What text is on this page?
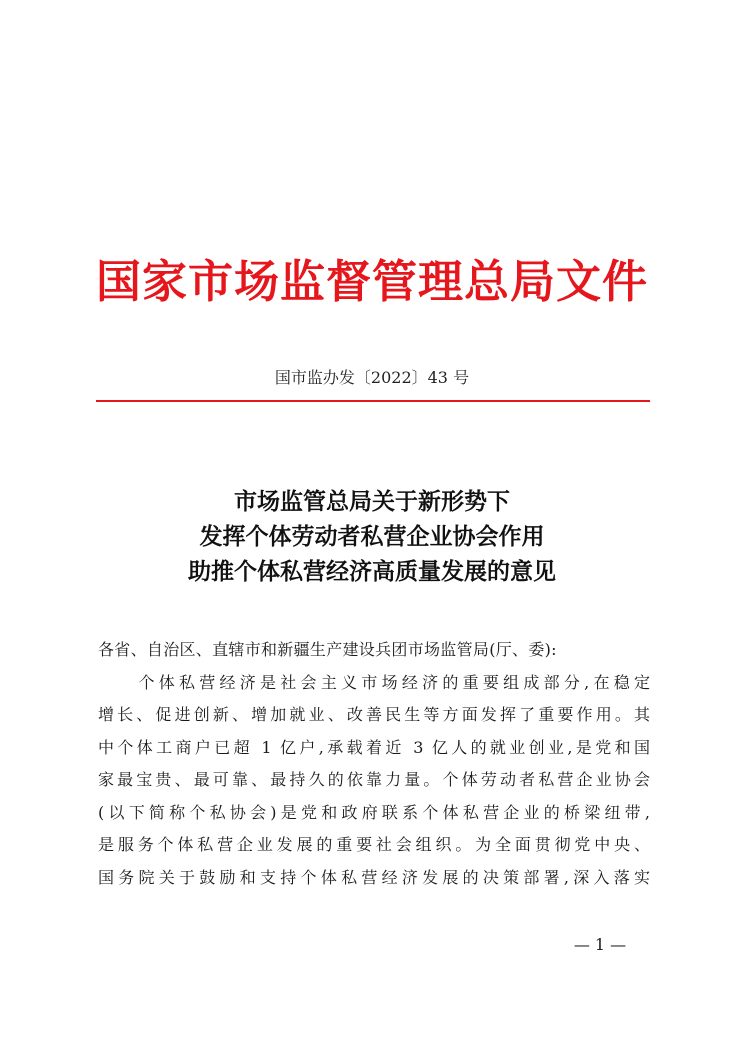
国家市场监督管理总局文件
国市监办发〔2022〕43 号
市场监管总局关于新形势下
发挥个体劳动者私营企业协会作用
助推个体私营经济高质量发展的意见
各省、自治区、直辖市和新疆生产建设兵团市场监管局(厅、委):
　　个体私营经济是社会主义市场经济的重要组成部分,在稳定
增长、促进创新、增加就业、改善民生等方面发挥了重要作用。其
中个体工商户已超 1 亿户,承载着近 3 亿人的就业创业,是党和国
家最宝贵、最可靠、最持久的依靠力量。个体劳动者私营企业协会
(以下简称个私协会)是党和政府联系个体私营企业的桥梁纽带,
是服务个体私营企业发展的重要社会组织。为全面贯彻党中央、
国务院关于鼓励和支持个体私营经济发展的决策部署,深入落实
— 1 —
